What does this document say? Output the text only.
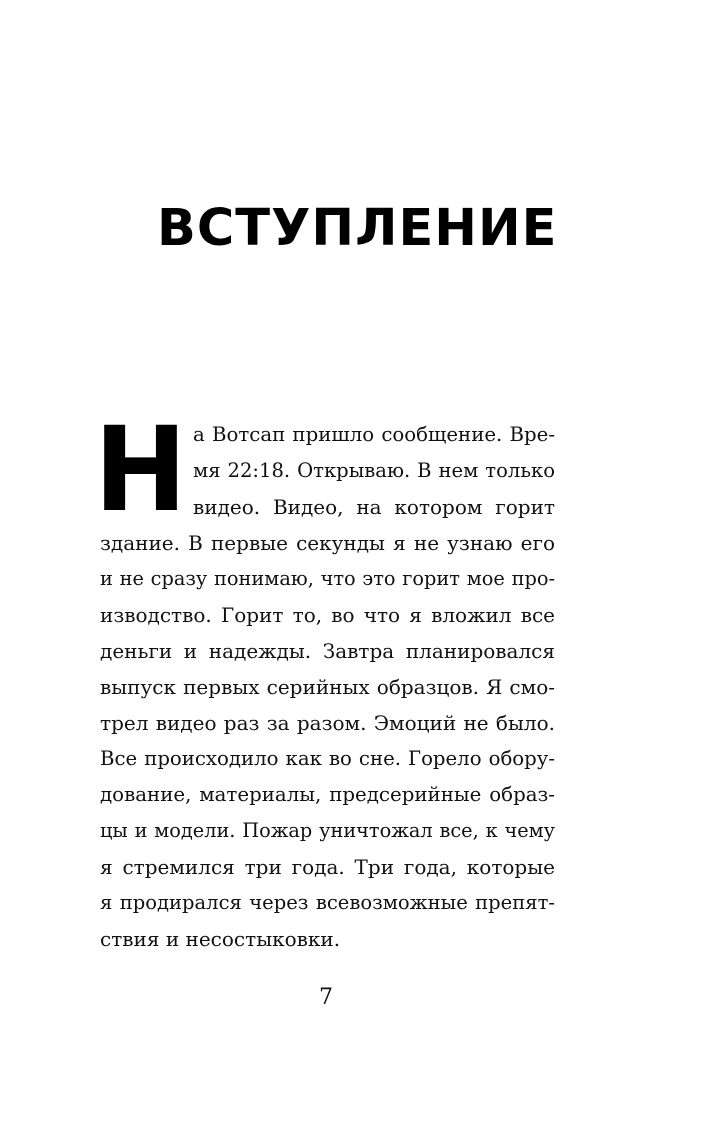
ВСТУПЛЕНИЕ
Н а Вотсап пришло сообщение. Вре-

мя 22:18. Открываю. В нем только

видео. Видео, на котором горит

здание. В первые секунды я не узнаю его

и не сразу понимаю, что это горит мое про-

изводство. Горит то, во что я вложил все

деньги и надежды. Завтра планировался

выпуск первых серийных образцов. Я смо-

трел видео раз за разом. Эмоций не было.

Все происходило как во сне. Горело обору-

дование, материалы, предсерийные образ-

цы и модели. Пожар уничтожал все, к чему

я стремился три года. Три года, которые

я продирался через всевозможные препят-

ствия и несостыковки.

7
